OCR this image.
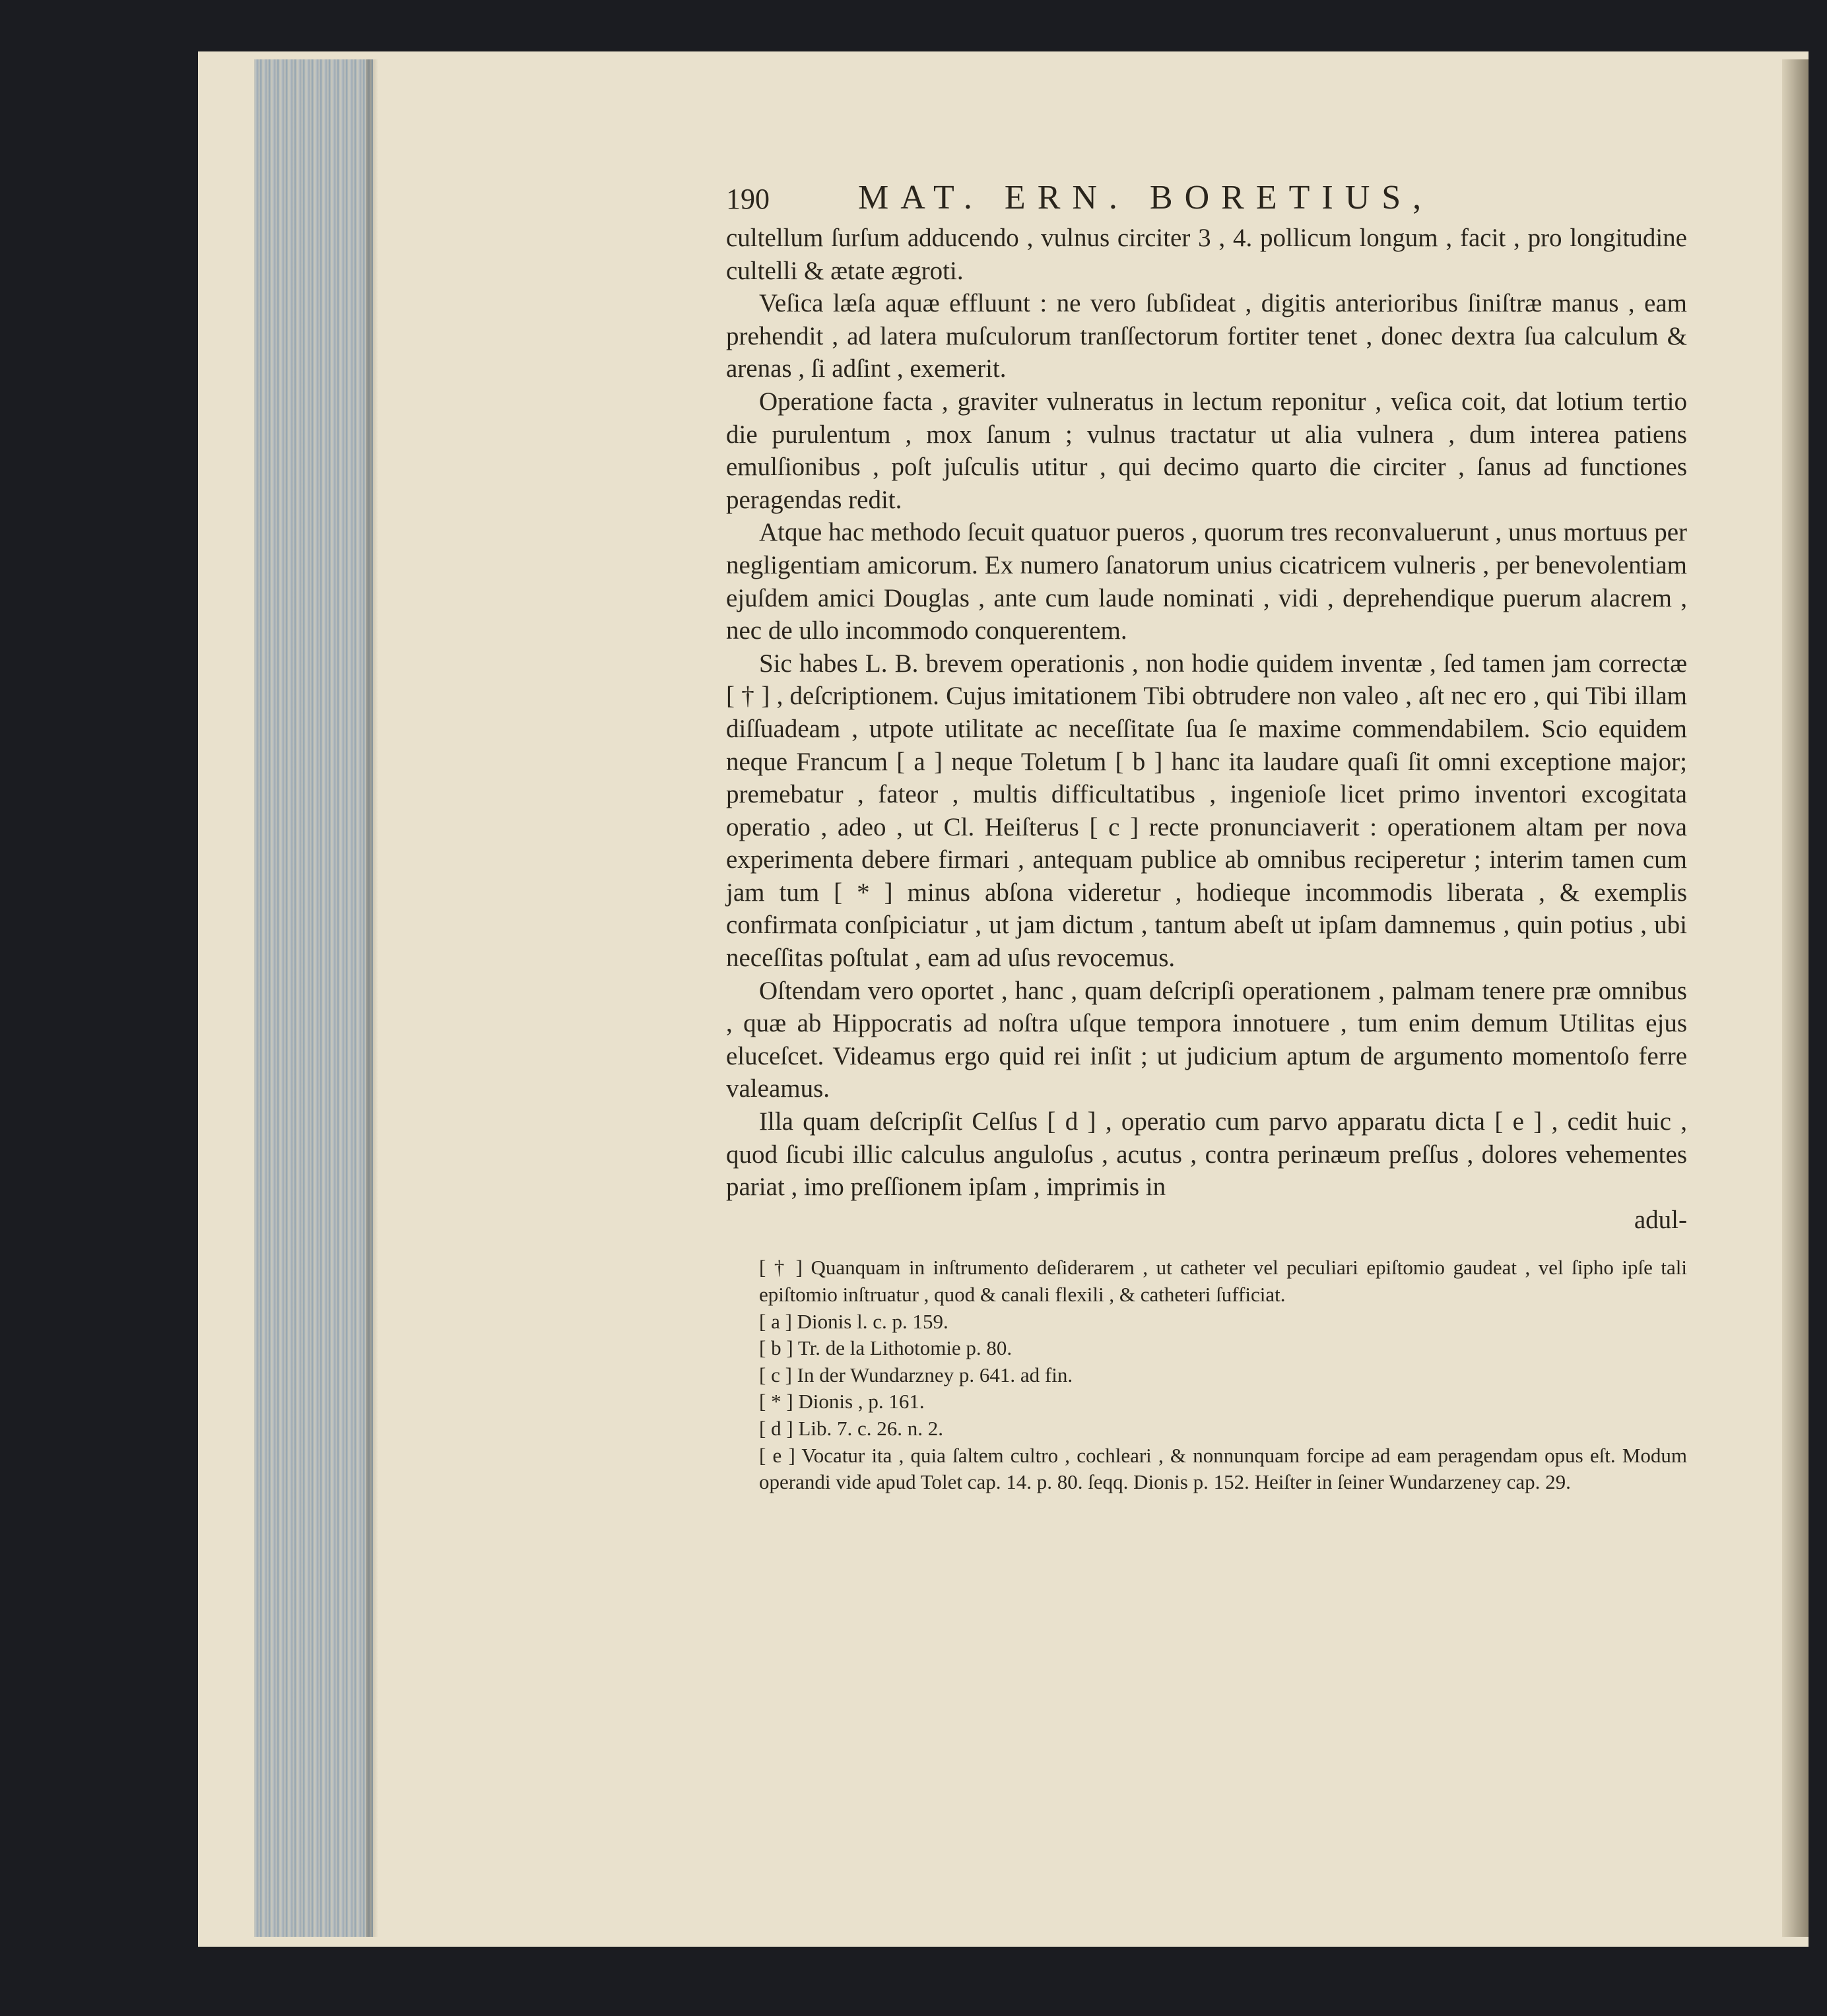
190	MAT. ERN. BORETIUS,

cultellum ſurſum adducendo , vulnus circiter 3 , 4. pollicum longum , facit , pro longitudine cultelli & ætate ægroti.

Veſica læſa aquæ effluunt : ne vero ſubſideat , digitis anterioribus ſiniſtræ manus , eam prehendit , ad latera muſculorum tranſſectorum fortiter tenet , donec dextra ſua calculum & arenas , ſi adſint , exemerit.

Operatione facta , graviter vulneratus in lectum reponitur , veſica coit, dat lotium tertio die purulentum , mox ſanum ; vulnus tractatur ut alia vulnera , dum interea patiens emulſionibus , poſt juſculis utitur , qui decimo quarto die circiter , ſanus ad functiones peragendas redit.

Atque hac methodo ſecuit quatuor pueros , quorum tres reconvaluerunt , unus mortuus per negligentiam amicorum. Ex numero ſanatorum unius cicatricem vulneris , per benevolentiam ejuſdem amici Douglas , ante cum laude nominati , vidi , deprehendique puerum alacrem , nec de ullo incommodo conquerentem.

Sic habes L. B. brevem operationis , non hodie quidem inventæ , ſed tamen jam correctæ [ † ] , deſcriptionem. Cujus imitationem Tibi obtrudere non valeo , aſt nec ero , qui Tibi illam diſſuadeam , utpote utilitate ac neceſſitate ſua ſe maxime commendabilem. Scio equidem neque Francum [ a ] neque Toletum [ b ] hanc ita laudare quaſi ſit omni exceptione major; premebatur , fateor , multis difficultatibus , ingenioſe licet primo inventori excogitata operatio , adeo , ut Cl. Heiſterus [ c ] recte pronunciaverit : operationem altam per nova experimenta debere firmari , antequam publice ab omnibus reciperetur ; interim tamen cum jam tum [ * ] minus abſona videretur , hodieque incommodis liberata , & exemplis confirmata conſpiciatur , ut jam dictum , tantum abeſt ut ipſam damnemus , quin potius , ubi neceſſitas poſtulat , eam ad uſus revocemus.

Oſtendam vero oportet , hanc , quam deſcripſi operationem , palmam tenere præ omnibus , quæ ab Hippocratis ad noſtra uſque tempora innotuere , tum enim demum Utilitas ejus eluceſcet. Videamus ergo quid rei inſit ; ut judicium aptum de argumento momentoſo ferre valeamus.

Illa quam deſcripſit Celſus [ d ] , operatio cum parvo apparatu dicta [ e ] , cedit huic , quod ſicubi illic calculus anguloſus , acutus , contra perinæum preſſus , dolores vehementes pariat , imo preſſionem ipſam , imprimis in

adul-

[ † ] Quanquam in inſtrumento deſiderarem , ut catheter vel peculiari epiſtomio gaudeat , vel ſipho ipſe tali epiſtomio inſtruatur , quod & canali flexili , & catheteri ſufficiat.

[ a ] Dionis l. c. p. 159.

[ b ] Tr. de la Lithotomie p. 80.

[ c ] In der Wundarzney p. 641. ad fin.

[ * ] Dionis , p. 161.

[ d ] Lib. 7. c. 26. n. 2.

[ e ] Vocatur ita , quia ſaltem cultro , cochleari , & nonnunquam forcipe ad eam peragendam opus eſt. Modum operandi vide apud Tolet cap. 14. p. 80. ſeqq. Dionis p. 152. Heiſter in ſeiner Wundarzeney cap. 29.
